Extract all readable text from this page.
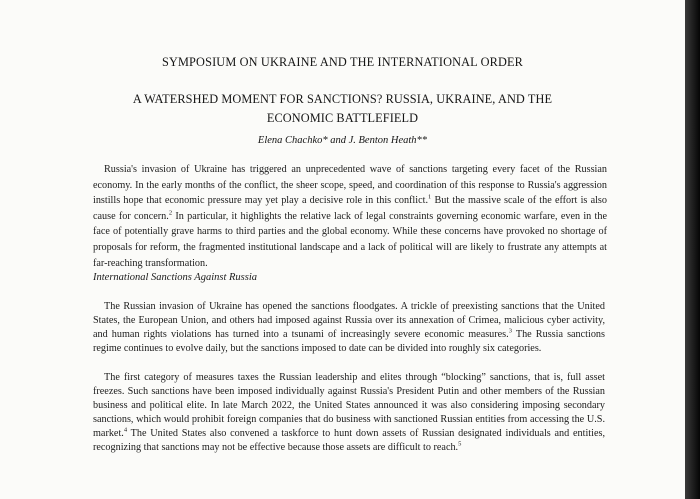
SYMPOSIUM ON UKRAINE AND THE INTERNATIONAL ORDER
A WATERSHED MOMENT FOR SANCTIONS? RUSSIA, UKRAINE, AND THE
ECONOMIC BATTLEFIELD
Elena Chachko* and J. Benton Heath**

Russia's invasion of Ukraine has triggered an unprecedented wave of sanctions targeting every facet of the Russian economy. In the early months of the conflict, the sheer scope, speed, and coordination of this response to Russia's aggression instills hope that economic pressure may yet play a decisive role in this conflict.$^1$ But the massive scale of the effort is also cause for concern.$^2$ In particular, it highlights the relative lack of legal constraints governing economic warfare, even in the face of potentially grave harms to third parties and the global economy. While these concerns have provoked no shortage of proposals for reform, the fragmented institutional landscape and a lack of political will are likely to frustrate any attempts at far-reaching transformation.

International Sanctions Against Russia

The Russian invasion of Ukraine has opened the sanctions floodgates. A trickle of preexisting sanctions that the United States, the European Union, and others had imposed against Russia over its annexation of Crimea, malicious cyber activity, and human rights violations has turned into a tsunami of increasingly severe economic measures.$^3$ The Russia sanctions regime continues to evolve daily, but the sanctions imposed to date can be divided into roughly six categories.

The first category of measures taxes the Russian leadership and elites through “blocking” sanctions, that is, full asset freezes. Such sanctions have been imposed individually against Russia's President Putin and other members of the Russian business and political elite. In late March 2022, the United States announced it was also considering imposing secondary sanctions, which would prohibit foreign companies that do business with sanctioned Russian entities from accessing the U.S. market.$^4$ The United States also convened a taskforce to hunt down assets of Russian designated individuals and entities, recognizing that sanctions may not be effective because those assets are difficult to reach.$^5$
